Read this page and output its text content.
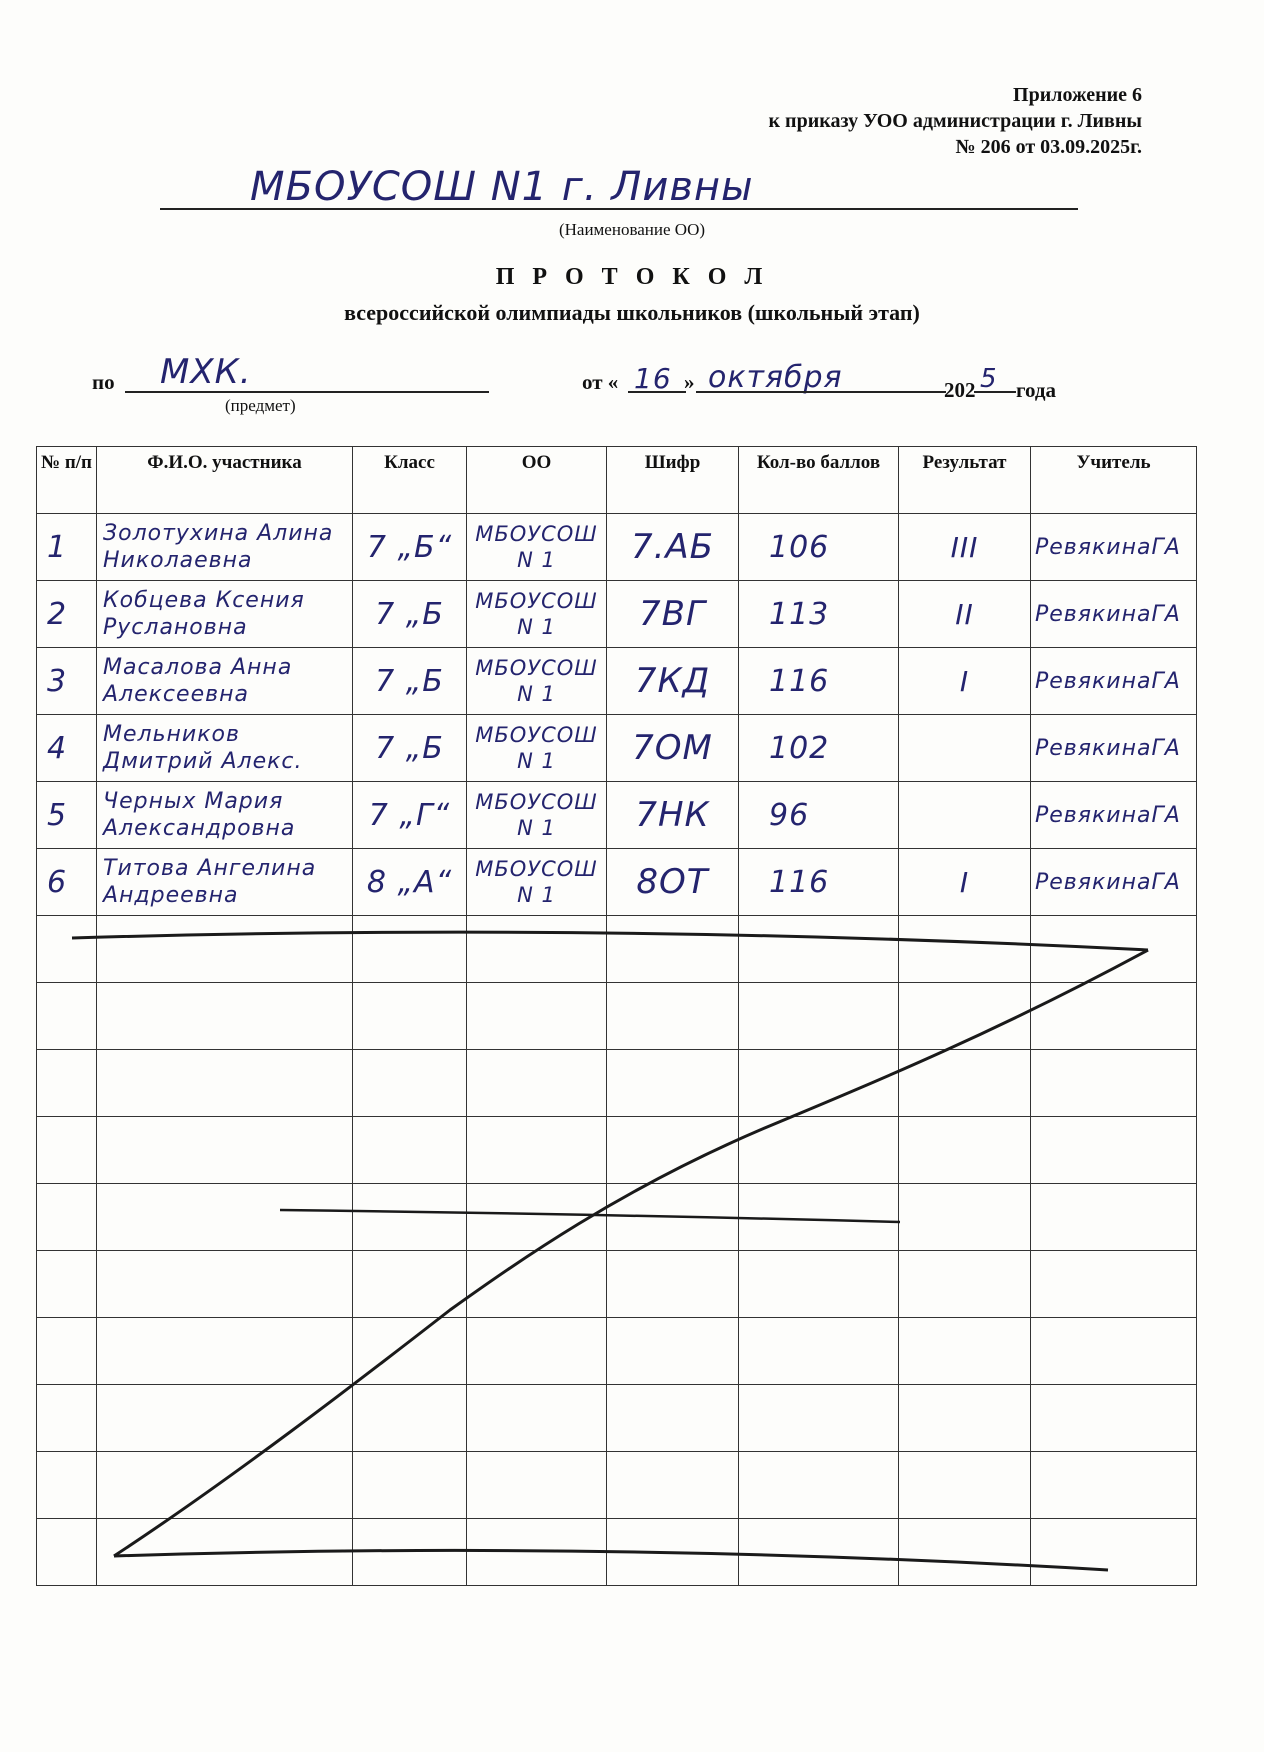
Приложение 6
к приказу УОО администрации г. Ливны
№ 206 от 03.09.2025г.
МБОУСОШ N1 г. Ливны
(Наименование ОО)
П Р О Т О К О Л
всероссийской олимпиады школьников (школьный этап)
по МХК.
(предмет)
от « 16 » октября	202 5 года
№ п/п	Ф.И.О. участника	Класс	ОО	Шифр	Кол-во баллов	Результат	Учитель
1	Золотухина Алина Николаевна	7 „Б“	МБОУСОШ N 1	7.АБ	106	III	РевякинаГА
2	Кобцева Ксения Руслановна	7 „Б	МБОУСОШ N 1	7ВГ	113	II	РевякинаГА
3	Масалова Анна Алексеевна	7 „Б	МБОУСОШ N 1	7КД	116	I	РевякинаГА
4	Мельников Дмитрий Алекс.	7 „Б	МБОУСОШ N 1	7ОМ	102		РевякинаГА
5	Черных Мария Александровна	7 „Г“	МБОУСОШ N 1	7НК	96		РевякинаГА
6	Титова Ангелина Андреевна	8 „А“	МБОУСОШ N 1	8ОТ	116	I	РевякинаГА
